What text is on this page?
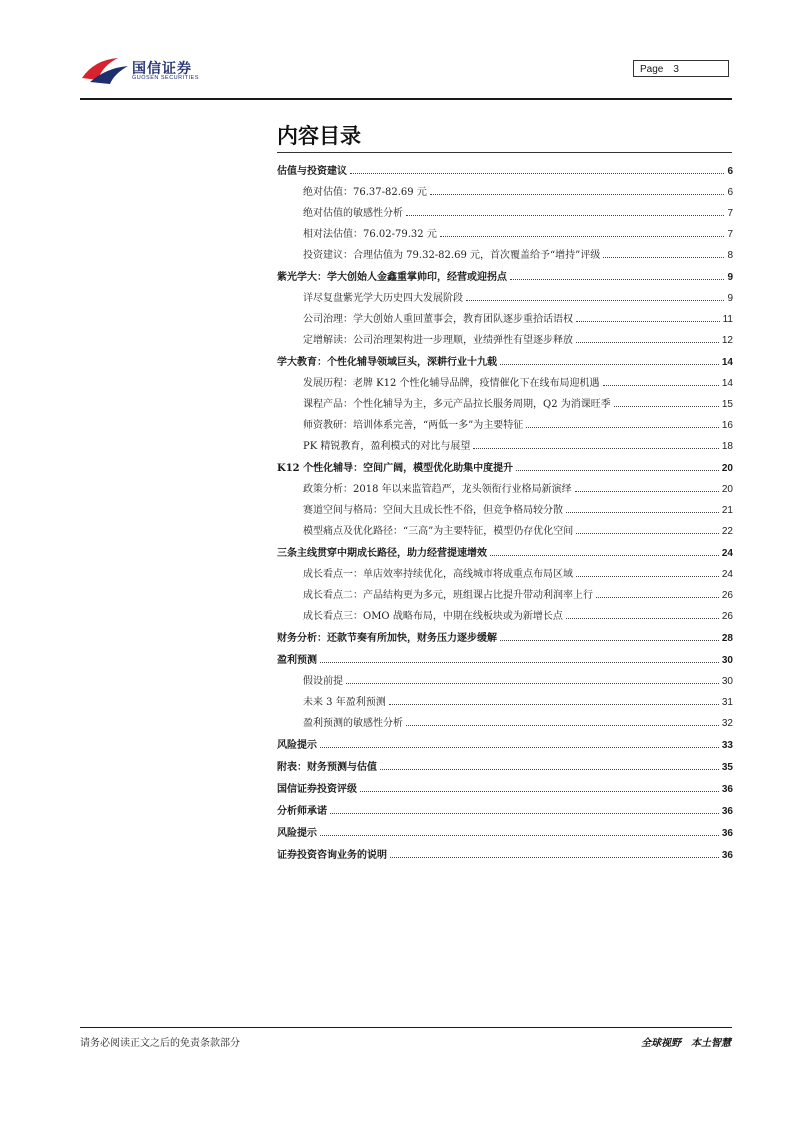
国信证券
GUOSEN SECURITIES
Page 3
内容目录
估值与投资建议	6
绝对估值：76.37-82.69 元	6
绝对估值的敏感性分析	7
相对法估值：76.02-79.32 元	7
投资建议：合理估值为 79.32-82.69 元，首次覆盖给予“增持”评级	8
紫光学大：学大创始人金鑫重掌帅印，经营或迎拐点	9
详尽复盘紫光学大历史四大发展阶段	9
公司治理：学大创始人重回董事会，教育团队逐步重拾话语权	11
定增解读：公司治理架构进一步理顺，业绩弹性有望逐步释放	12
学大教育：个性化辅导领域巨头，深耕行业十九载	14
发展历程：老牌 K12 个性化辅导品牌，疫情催化下在线布局迎机遇	14
课程产品：个性化辅导为主，多元产品拉长服务周期，Q2 为消课旺季	15
师资教研：培训体系完善，“两低一多”为主要特征	16
PK 精锐教育，盈利模式的对比与展望	18
K12 个性化辅导：空间广阔，模型优化助集中度提升	20
政策分析：2018 年以来监管趋严，龙头领衔行业格局新演绎	20
赛道空间与格局：空间大且成长性不俗，但竞争格局较分散	21
模型痛点及优化路径：“三高”为主要特征，模型仍存优化空间	22
三条主线贯穿中期成长路径，助力经营提速增效	24
成长看点一：单店效率持续优化，高线城市将成重点布局区域	24
成长看点二：产品结构更为多元，班组课占比提升带动利润率上行	26
成长看点三：OMO 战略布局，中期在线板块或为新增长点	26
财务分析：还款节奏有所加快，财务压力逐步缓解	28
盈利预测	30
假设前提	30
未来 3 年盈利预测	31
盈利预测的敏感性分析	32
风险提示	33
附表：财务预测与估值	35
国信证券投资评级	36
分析师承诺	36
风险提示	36
证券投资咨询业务的说明	36
请务必阅读正文之后的免责条款部分	全球视野 本土智慧
